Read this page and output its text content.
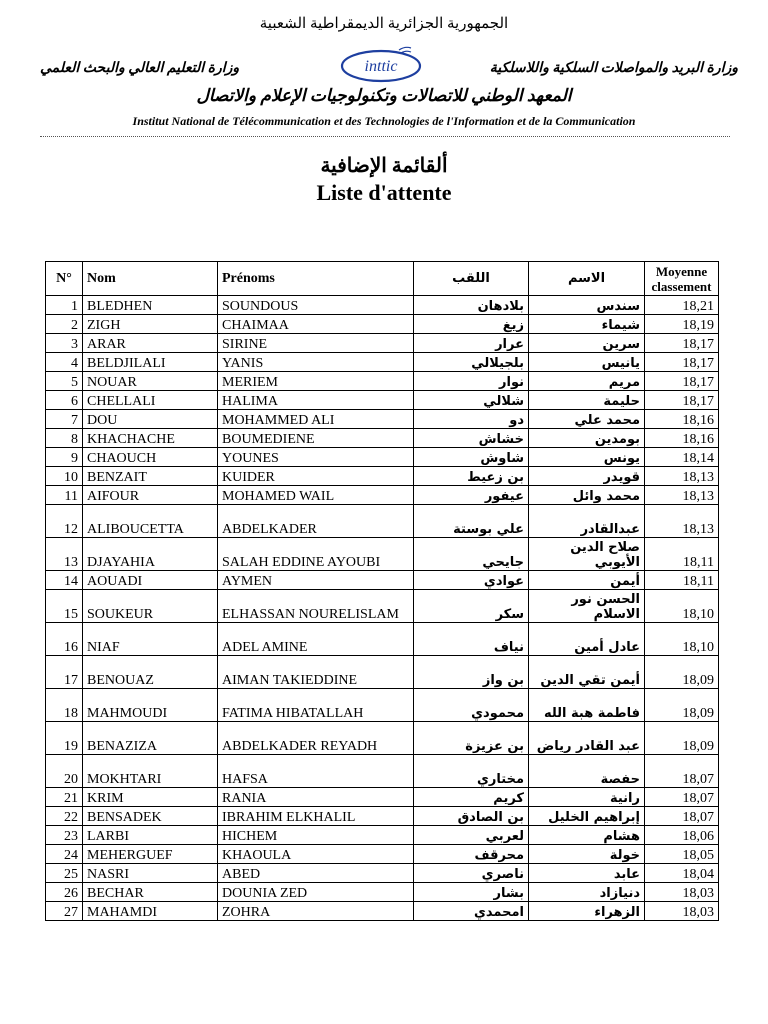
الجمهورية الجزائرية الديمقراطية الشعبية
وزارة التعليم العالي والبحث العلمي	وزارة البريد والمواصلات السلكية واللاسلكية
inttic
المعهد الوطني للاتصالات وتكنولوجيات الإعلام والاتصال
Institut National de Télécommunication et des Technologies de l'Information et de la Communication
ألقائمة الإضافية
Liste d'attente
N°	Nom	Prénoms	اللقب	الاسم	Moyenne classement
1	BLEDHEN	SOUNDOUS	بلادهان	سندس	18,21
2	ZIGH	CHAIMAA	زيغ	شيماء	18,19
3	ARAR	SIRINE	عرار	سرين	18,17
4	BELDJILALI	YANIS	بلجيلالي	يانيس	18,17
5	NOUAR	MERIEM	نوار	مريم	18,17
6	CHELLALI	HALIMA	شلالي	حليمة	18,17
7	DOU	MOHAMMED ALI	دو	محمد علي	18,16
8	KHACHACHE	BOUMEDIENE	خشاش	بومدين	18,16
9	CHAOUCH	YOUNES	شاوش	يونس	18,14
10	BENZAIT	KUIDER	بن زعيط	قويدر	18,13
11	AIFOUR	MOHAMED WAIL	عيفور	محمد وائل	18,13
12	ALIBOUCETTA	ABDELKADER	علي بوستة	عبدالقادر	18,13
13	DJAYAHIA	SALAH EDDINE AYOUBI	جايحي	صلاح الدين الأيوبي	18,11
14	AOUADI	AYMEN	عوادي	أيمن	18,11
15	SOUKEUR	ELHASSAN NOURELISLAM	سكر	الحسن نور الاسلام	18,10
16	NIAF	ADEL AMINE	نياف	عادل أمين	18,10
17	BENOUAZ	AIMAN TAKIEDDINE	بن واز	أيمن تقي الدين	18,09
18	MAHMOUDI	FATIMA HIBATALLAH	محمودي	فاطمة هبة الله	18,09
19	BENAZIZA	ABDELKADER REYADH	بن عزيزة	عبد القادر رياض	18,09
20	MOKHTARI	HAFSA	مختاري	حفصة	18,07
21	KRIM	RANIA	كريم	رانية	18,07
22	BENSADEK	IBRAHIM ELKHALIL	بن الصادق	إبراهيم الخليل	18,07
23	LARBI	HICHEM	لعربي	هشام	18,06
24	MEHERGUEF	KHAOULA	محرقف	خولة	18,05
25	NASRI	ABED	ناصري	عابد	18,04
26	BECHAR	DOUNIA ZED	بشار	دنيازاد	18,03
27	MAHAMDI	ZOHRA	امحمدي	الزهراء	18,03
